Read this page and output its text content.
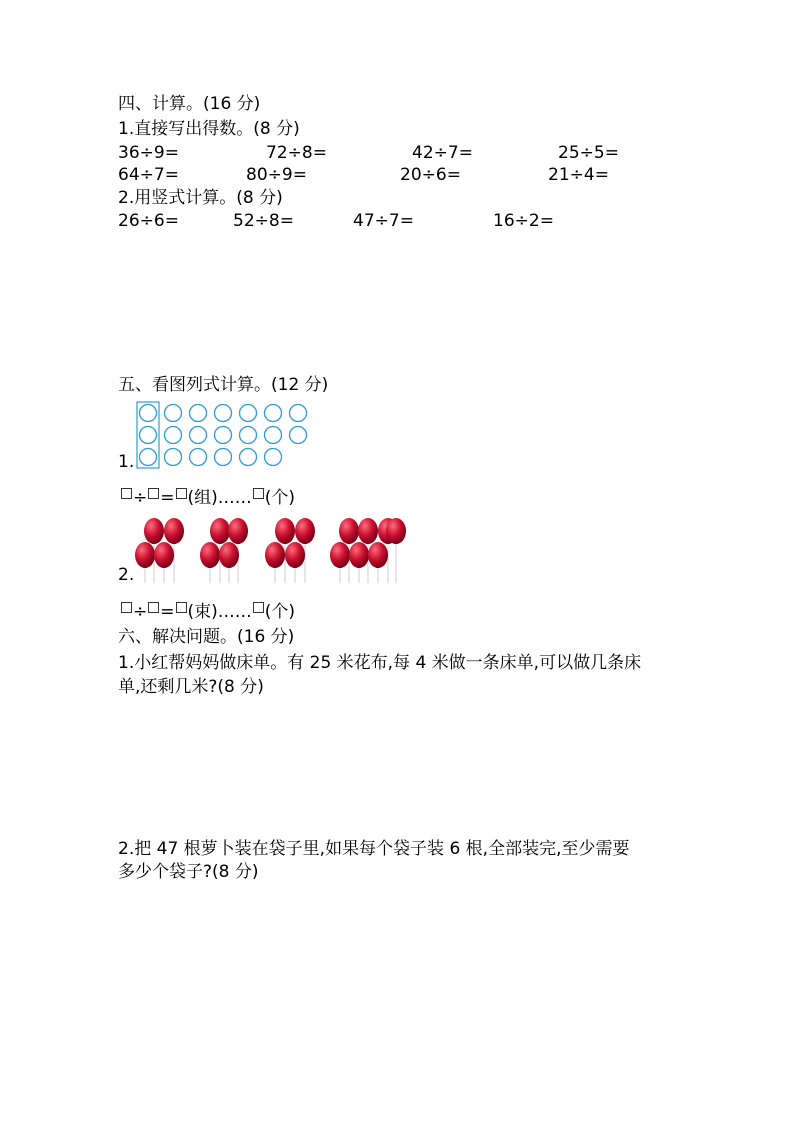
四、计算。(16 分)
1.直接写出得数。(8 分)
36÷9=	72÷8=	42÷7=	25÷5=
64÷7=	80÷9=	20÷6=	21÷4=
2.用竖式计算。(8 分)
26÷6=	52÷8=	47÷7=	16÷2=
五、看图列式计算。(12 分)
1.
÷ = (组)…… (个)
2.
÷ = (束)…… (个)
六、解决问题。(16 分)
1.小红帮妈妈做床单。有 25 米花布,每 4 米做一条床单,可以做几条床
单,还剩几米?(8 分)
2.把 47 根萝卜装在袋子里,如果每个袋子装 6 根,全部装完,至少需要
多少个袋子?(8 分)
